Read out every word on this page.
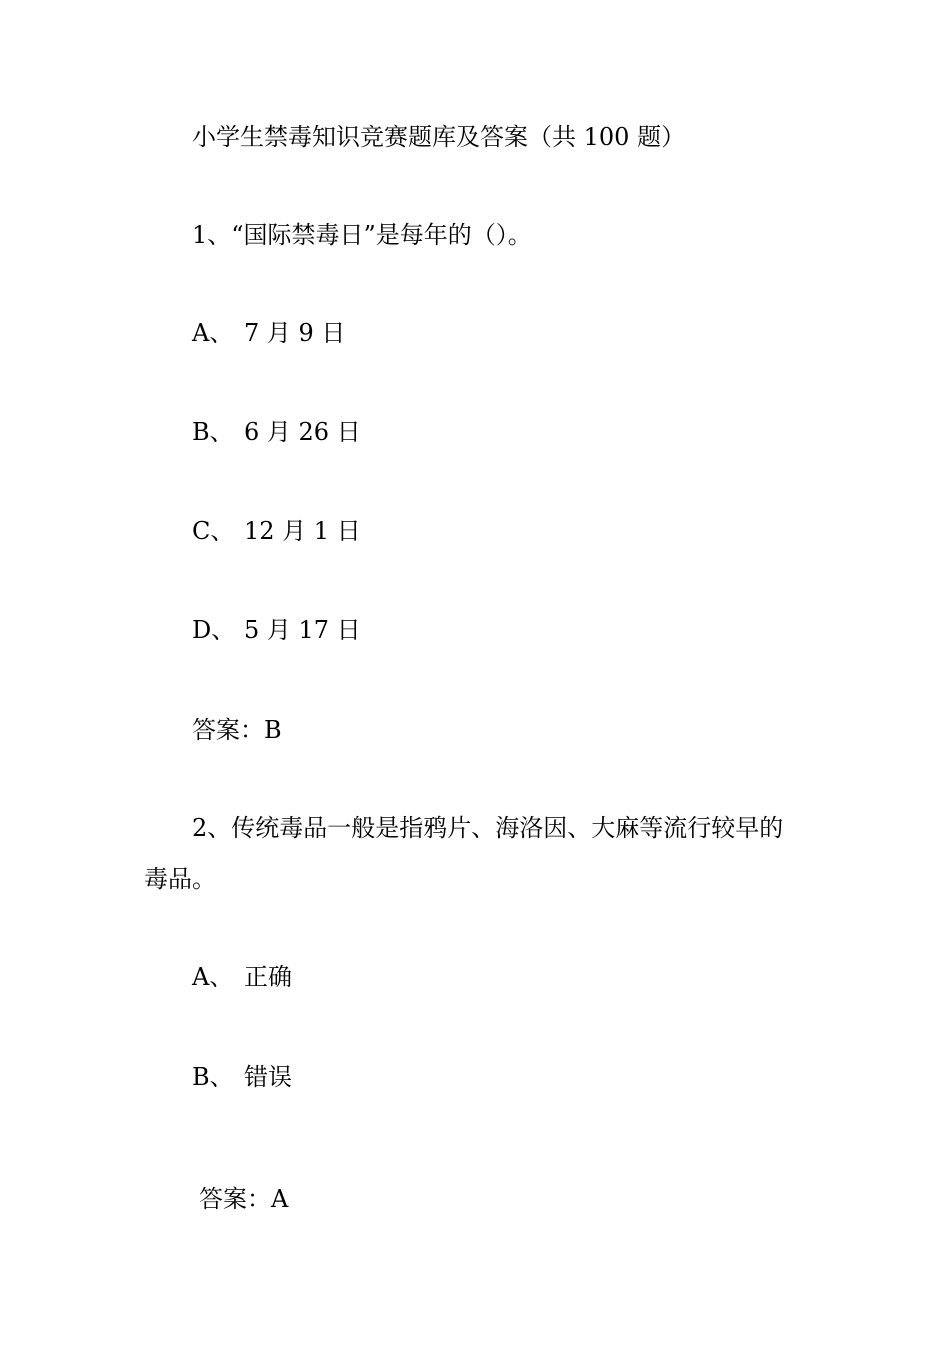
小学生禁毒知识竞赛题库及答案（共 100 题）
1、“国际禁毒日”是每年的（）。
A、 7 月 9 日
B、 6 月 26 日
C、 12 月 1 日
D、 5 月 17 日
答案：B
2、传统毒品一般是指鸦片、海洛因、大麻等流行较早的
毒品。
A、 正确
B、 错误
答案：A
